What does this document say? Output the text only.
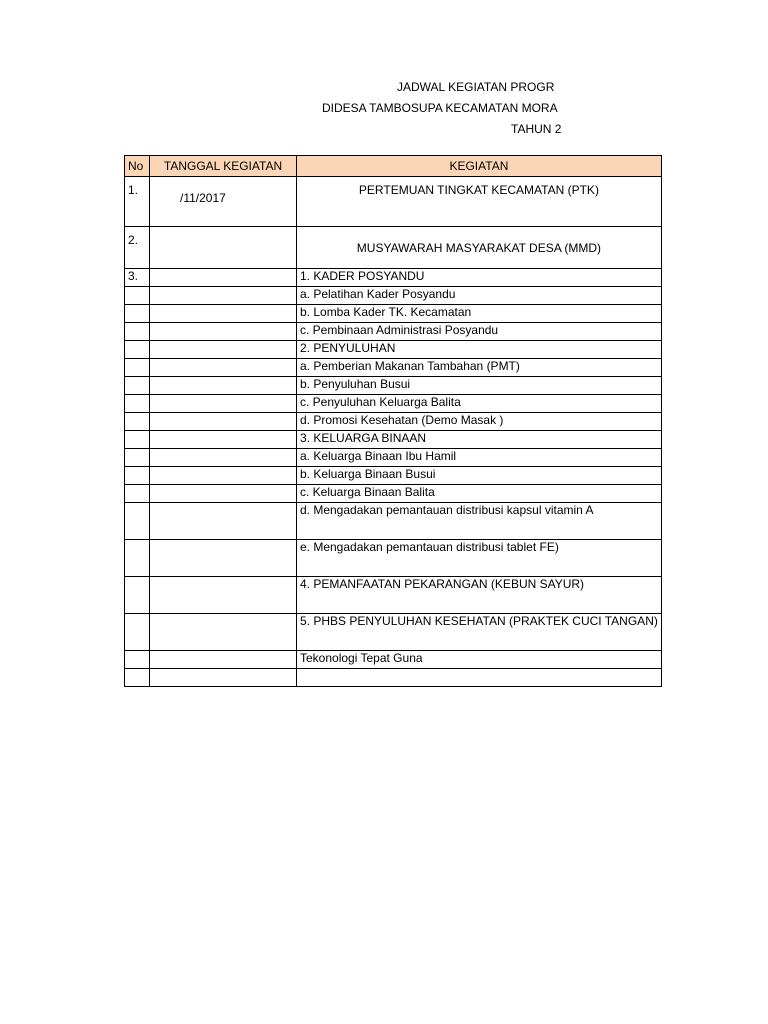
JADWAL KEGIATAN PROGR
DIDESA TAMBOSUPA KECAMATAN MORA
TAHUN 2
No	TANGGAL KEGIATAN	KEGIATAN
1.	/11/2017	PERTEMUAN TINGKAT KECAMATAN (PTK)
2.		MUSYAWARAH MASYARAKAT DESA (MMD)
3.		1. KADER POSYANDU
		a. Pelatihan Kader Posyandu
		b. Lomba Kader TK. Kecamatan
		c. Pembinaan Administrasi Posyandu
		2. PENYULUHAN
		a. Pemberian Makanan Tambahan (PMT)
		b. Penyuluhan Busui
		c. Penyuluhan Keluarga Balita
		d. Promosi Kesehatan (Demo Masak )
		3. KELUARGA BINAAN
		a. Keluarga Binaan Ibu Hamil
		b. Keluarga Binaan Busui
		c. Keluarga Binaan Balita
		d. Mengadakan pemantauan distribusi kapsul vitamin A
		e. Mengadakan pemantauan distribusi tablet FE)
		4. PEMANFAATAN PEKARANGAN (KEBUN SAYUR)
		5. PHBS PENYULUHAN KESEHATAN (PRAKTEK CUCI TANGAN)
		Tekonologi Tepat Guna
